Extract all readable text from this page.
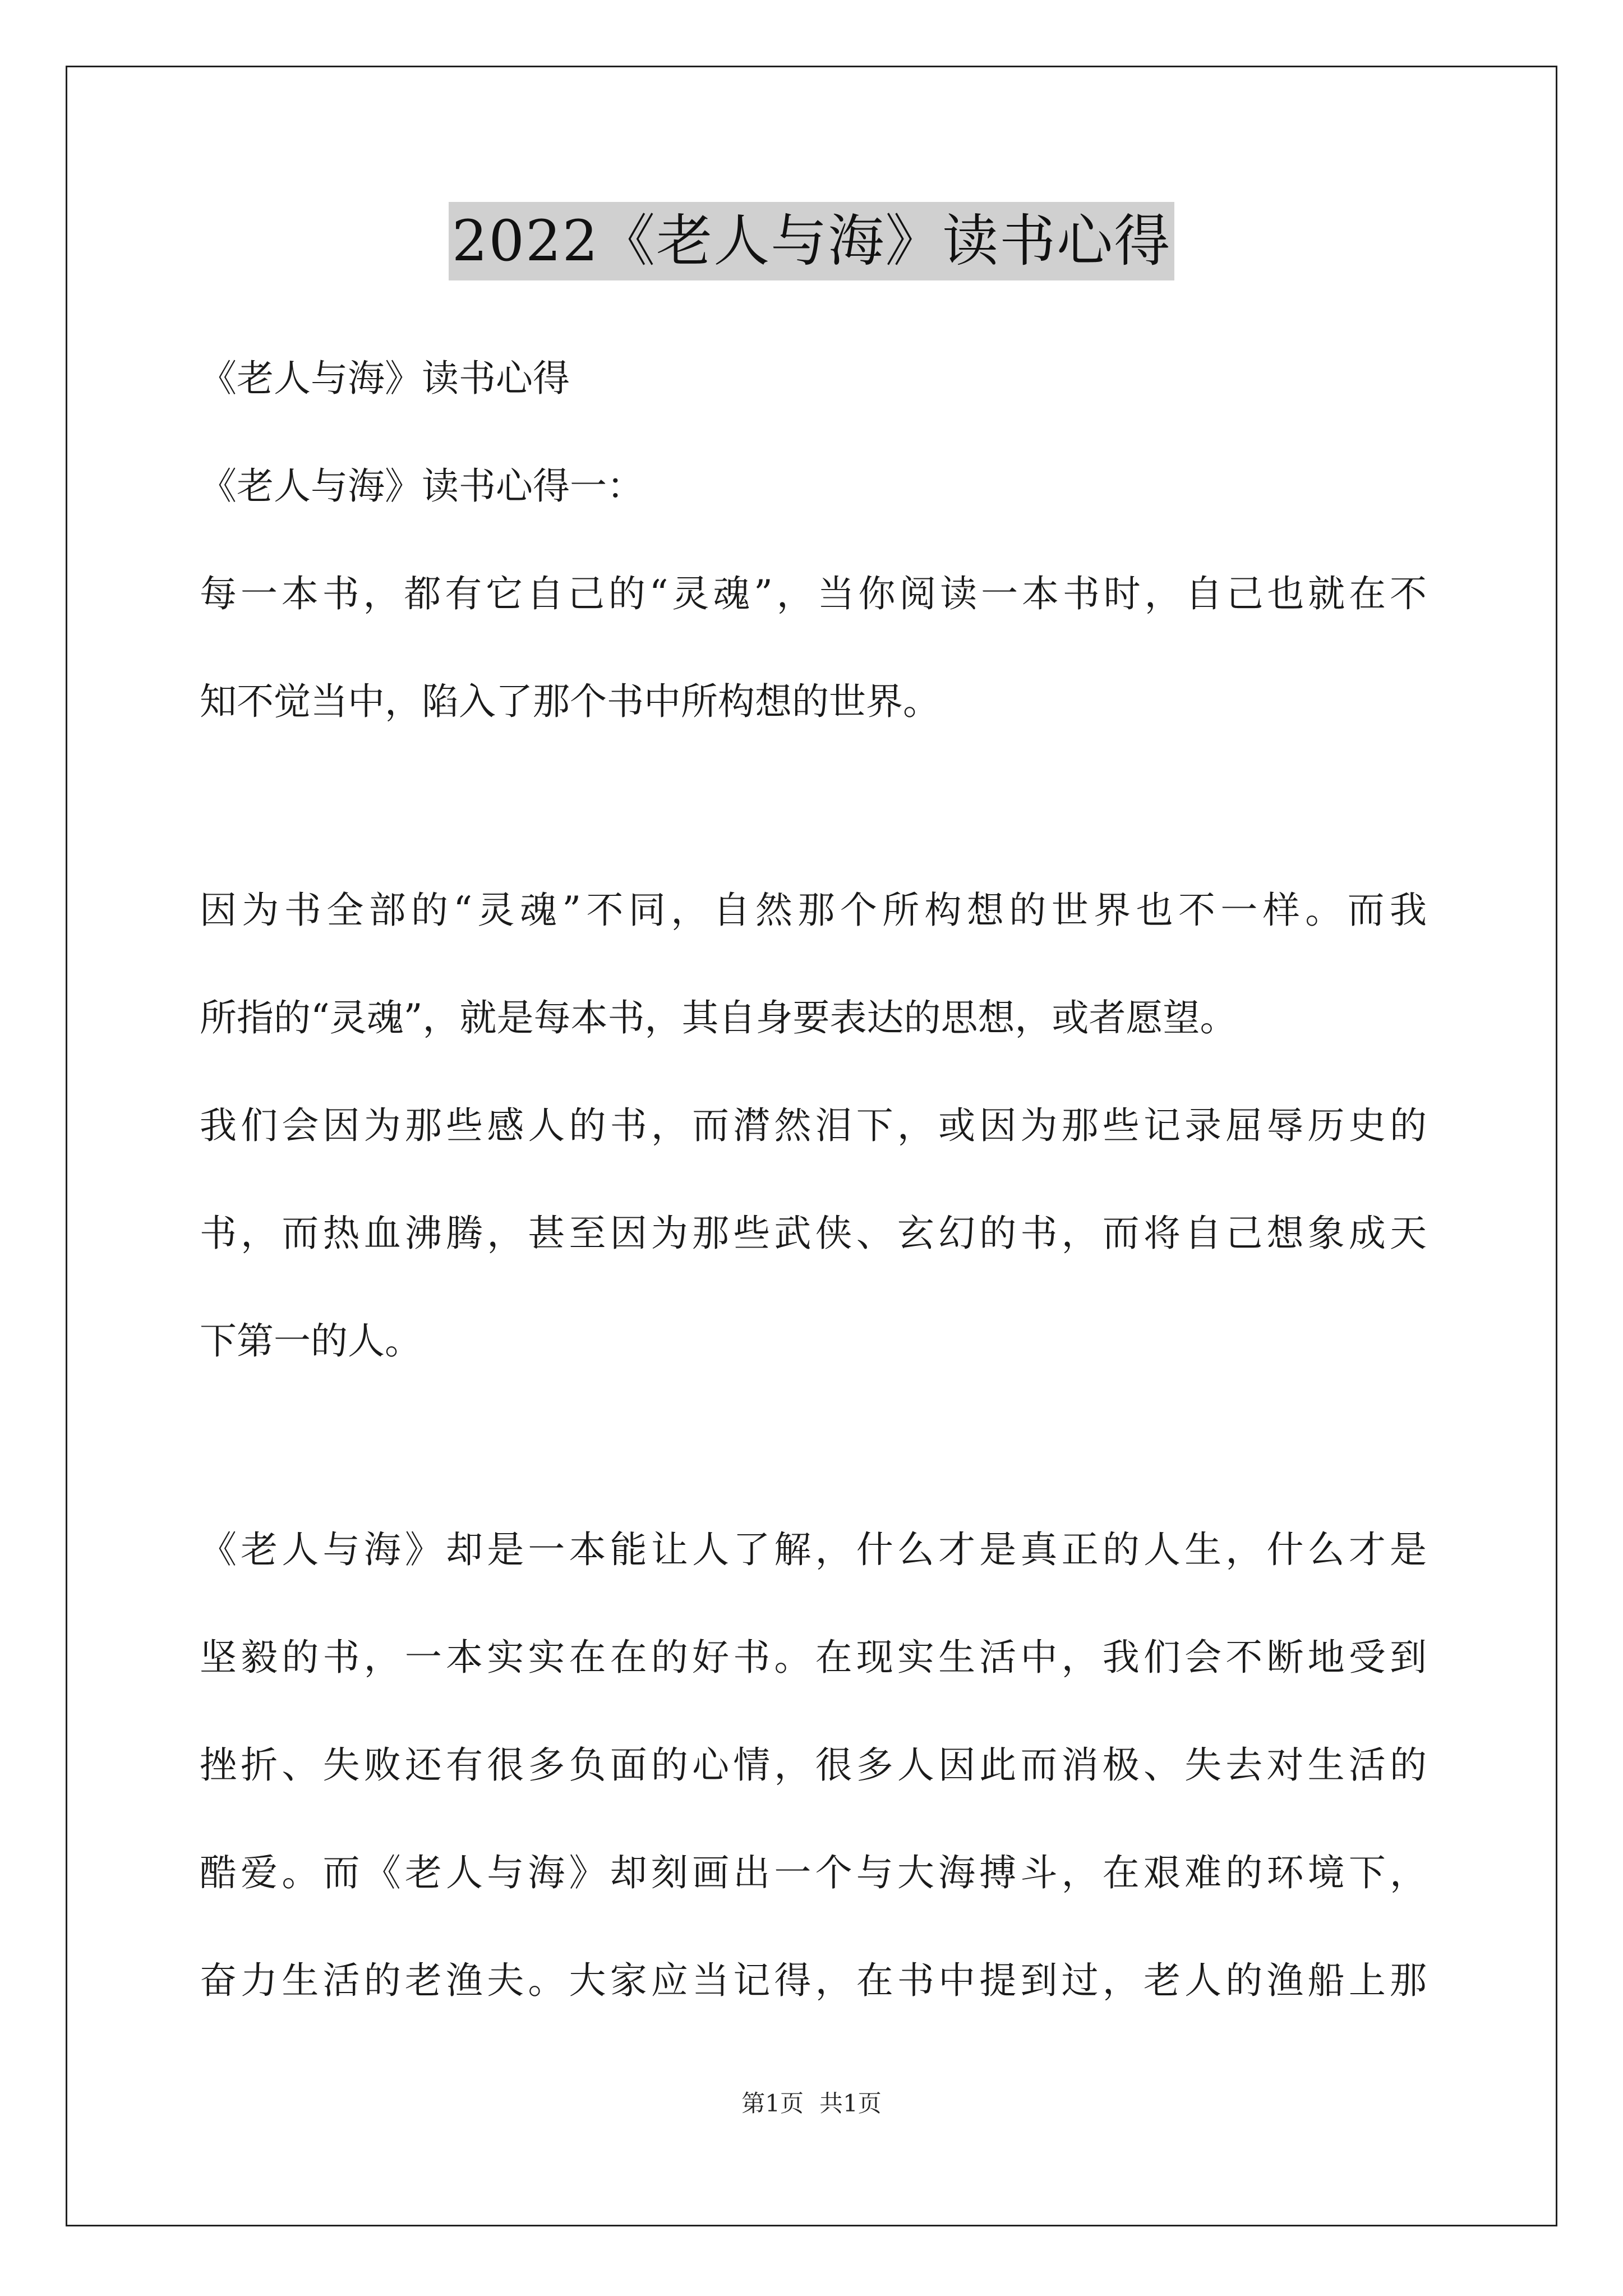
2022《老人与海》读书心得
《老人与海》读书心得
《老人与海》读书心得一：
每一本书，都有它自己的“灵魂”，当你阅读一本书时，自己也就在不
知不觉当中，陷入了那个书中所构想的世界。
因为书全部的“灵魂”不同，自然那个所构想的世界也不一样。而我
所指的“灵魂”，就是每本书，其自身要表达的思想，或者愿望。
我们会因为那些感人的书，而潸然泪下，或因为那些记录屈辱历史的
书，而热血沸腾，甚至因为那些武侠、玄幻的书，而将自己想象成天
下第一的人。
《老人与海》却是一本能让人了解，什么才是真正的人生，什么才是
坚毅的书，一本实实在在的好书。在现实生活中，我们会不断地受到
挫折、失败还有很多负面的心情，很多人因此而消极、失去对生活的
酷爱。而《老人与海》却刻画出一个与大海搏斗，在艰难的环境下，
奋力生活的老渔夫。大家应当记得，在书中提到过，老人的渔船上那
第1页 共1页
